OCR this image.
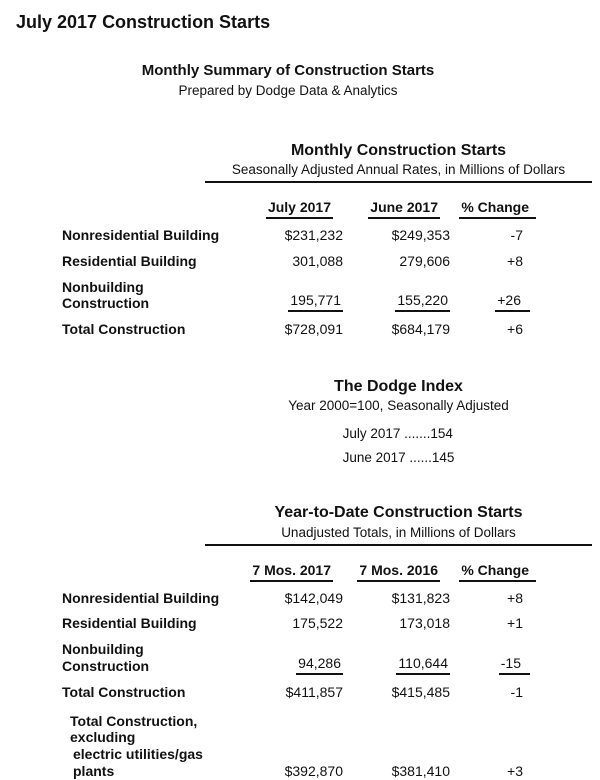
July 2017 Construction Starts
Monthly Summary of Construction Starts
Prepared by Dodge Data & Analytics
Monthly Construction Starts
Seasonally Adjusted Annual Rates, in Millions of Dollars
July 2017	June 2017	% Change
Nonresidential Building	$231,232	$249,353	-7
Residential Building	301,088	279,606	+8
Nonbuilding Construction	195,771	155,220	+26
Total Construction	$728,091	$684,179	+6
The Dodge Index
Year 2000=100, Seasonally Adjusted
July 2017 .......154
June 2017 ......145
Year-to-Date Construction Starts
Unadjusted Totals, in Millions of Dollars
7 Mos. 2017	7 Mos. 2016	% Change
Nonresidential Building	$142,049	$131,823	+8
Residential Building	175,522	173,018	+1
Nonbuilding Construction	94,286	110,644	-15
Total Construction	$411,857	$415,485	-1
Total Construction, excluding
electric utilities/gas plants	$392,870	$381,410	+3
